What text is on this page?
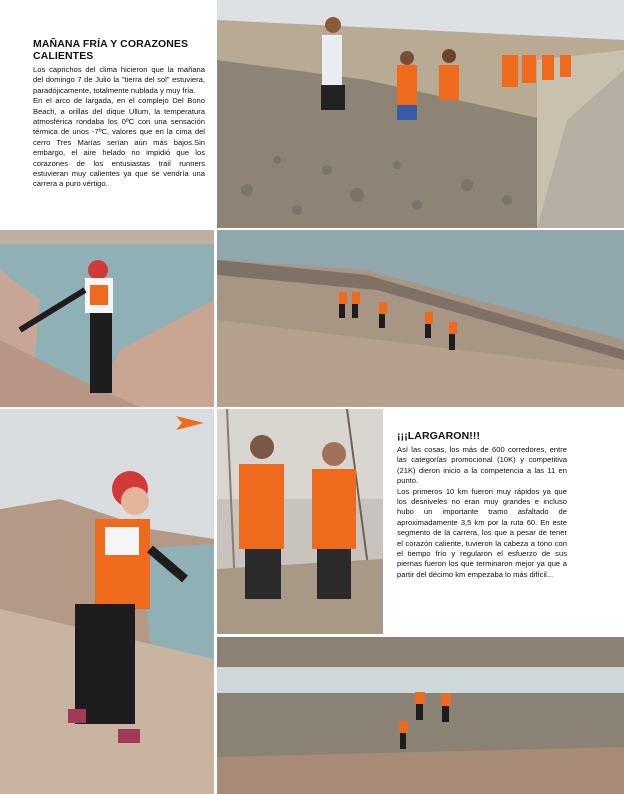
MAÑANA FRÍA Y CORAZONES CALIENTES

Los caprichos del clima hicieron que la mañana del domingo 7 de Julio la "tierra del sol" estuviera, paradójicamente, totalmente nublada y muy fría.

En el arco de largada, en el complejo Del Bono Beach, a orillas del dique Ullum, la temperatura atmosférica rondaba los 0ºC con una sensación térmica de unos -7ºC, valores que en la cima del cerro Tres Marías serían aún más bajos.Sin embargo, el aire helado no impidió que los corazones de los entusiastas trail runners estuvieran muy calientes ya que se vendría una carrera a puro vértigo.

¡¡¡LARGARON!!!

Así las cosas, los más de 600 corredores, entre las categorías promocional (10K) y competitiva (21K) dieron inicio a la competencia a las 11 en punto.

Los primeros 10 km fueron muy rápidos ya que los desniveles no eran muy grandes e incluso hubo un importante tramo asfaltado de aproximadamente 3,5 km por la ruta 60. En este segmento de la carrera, los que a pesar de tener el corazón caliente, tuvieron la cabeza a tono con el tiempo frío y regularon el esfuerzo de sus piernas fueron los que terminaron mejor ya que a partir del décimo km empezaba lo más difícil...
